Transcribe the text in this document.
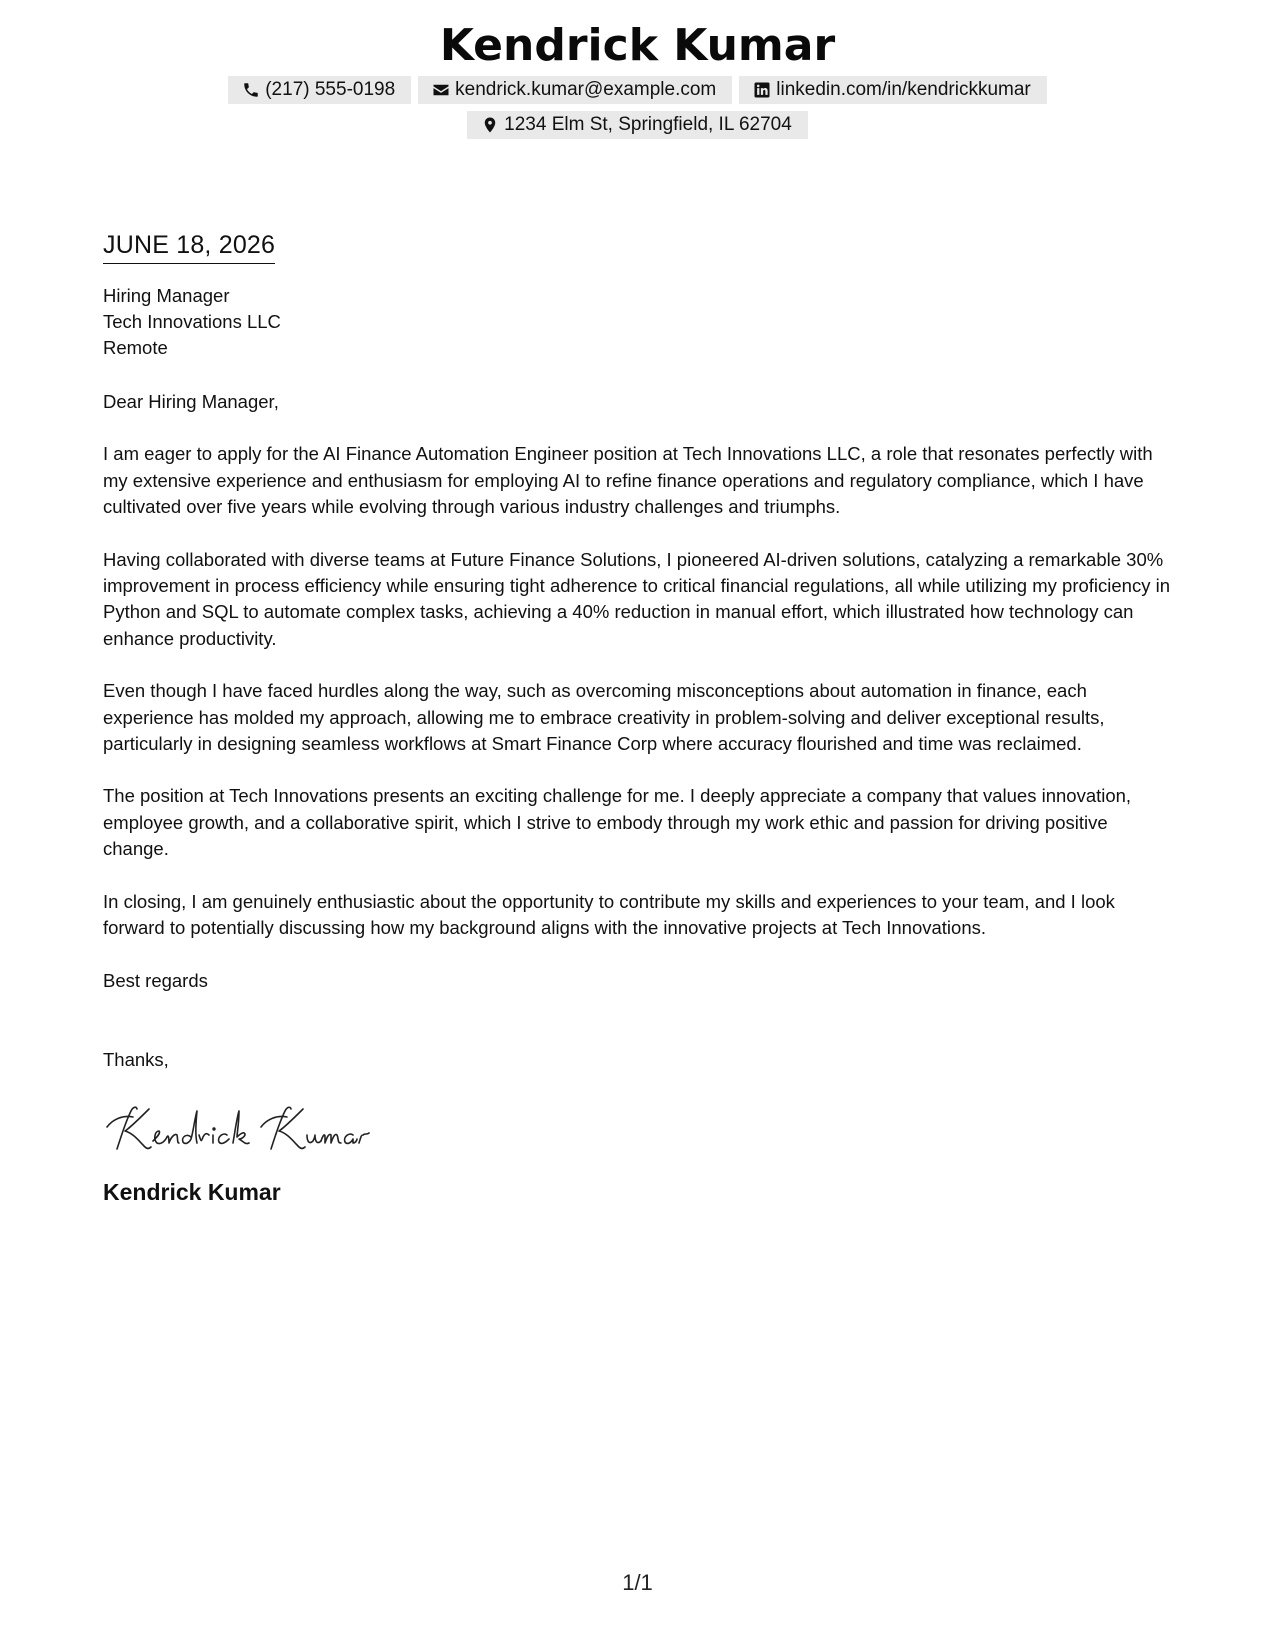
Kendrick Kumar
(217) 555-0198	kendrick.kumar@example.com	linkedin.com/in/kendrickkumar
1234 Elm St, Springfield, IL 62704
JUNE 18, 2026
Hiring Manager
Tech Innovations LLC
Remote
Dear Hiring Manager,

I am eager to apply for the AI Finance Automation Engineer position at Tech Innovations LLC, a role that resonates perfectly with my extensive experience and enthusiasm for employing AI to refine finance operations and regulatory compliance, which I have cultivated over five years while evolving through various industry challenges and triumphs.

Having collaborated with diverse teams at Future Finance Solutions, I pioneered AI-driven solutions, catalyzing a remarkable 30% improvement in process efficiency while ensuring tight adherence to critical financial regulations, all while utilizing my proficiency in Python and SQL to automate complex tasks, achieving a 40% reduction in manual effort, which illustrated how technology can enhance productivity.

Even though I have faced hurdles along the way, such as overcoming misconceptions about automation in finance, each experience has molded my approach, allowing me to embrace creativity in problem-solving and deliver exceptional results, particularly in designing seamless workflows at Smart Finance Corp where accuracy flourished and time was reclaimed.

The position at Tech Innovations presents an exciting challenge for me. I deeply appreciate a company that values innovation, employee growth, and a collaborative spirit, which I strive to embody through my work ethic and passion for driving positive change.

In closing, I am genuinely enthusiastic about the opportunity to contribute my skills and experiences to your team, and I look forward to potentially discussing how my background aligns with the innovative projects at Tech Innovations.

Best regards
Thanks,
Kendrick Kumar
1/1
